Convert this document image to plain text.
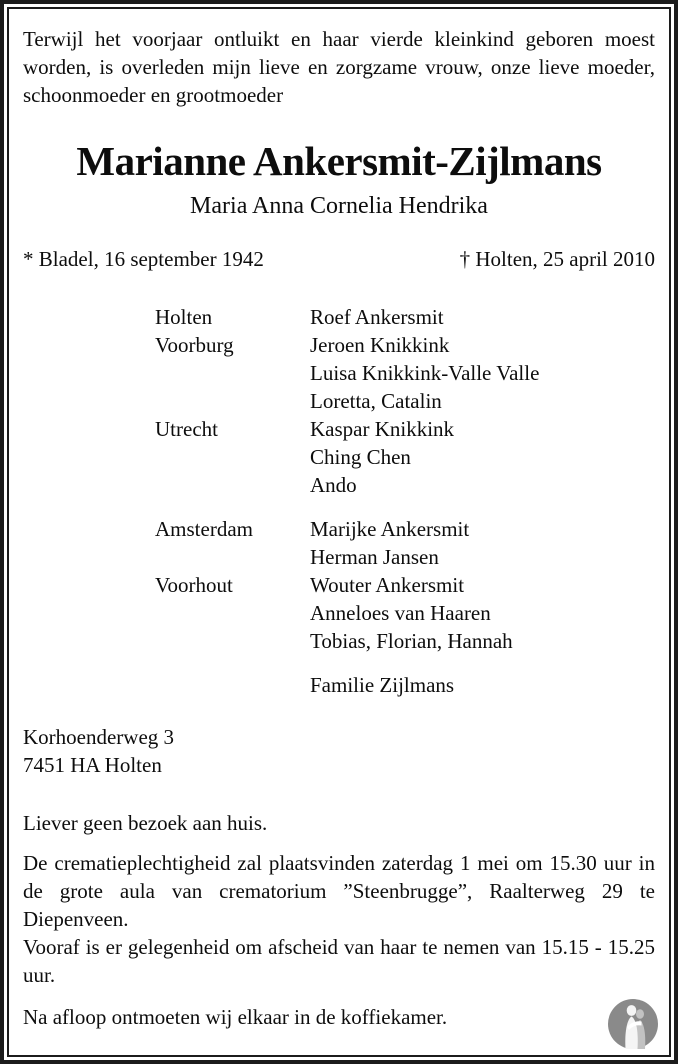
Terwijl het voorjaar ontluikt en haar vierde kleinkind geboren moest worden, is overleden mijn lieve en zorgzame vrouw, onze lieve moeder, schoonmoeder en grootmoeder

Marianne Ankersmit-Zijlmans

Maria Anna Cornelia Hendrika

* Bladel, 16 september 1942	† Holten, 25 april 2010
Holten	Roef Ankersmit
Voorburg	Jeroen Knikkink
Luisa Knikkink-Valle Valle
Loretta, Catalin
Utrecht	Kaspar Knikkink
Ching Chen
Ando
Amsterdam	Marijke Ankersmit
Herman Jansen
Voorhout	Wouter Ankersmit
Anneloes van Haaren
Tobias, Florian, Hannah
Familie Zijlmans

Korhoenderweg 3

7451 HA Holten

Liever geen bezoek aan huis.

De crematieplechtigheid zal plaatsvinden zaterdag 1 mei om 15.30 uur in de grote aula van crematorium ”Steenbrugge”, Raalterweg 29 te Diepenveen.

Vooraf is er gelegenheid om afscheid van haar te nemen van 15.15 - 15.25 uur.

Na afloop ontmoeten wij elkaar in de koffiekamer.
